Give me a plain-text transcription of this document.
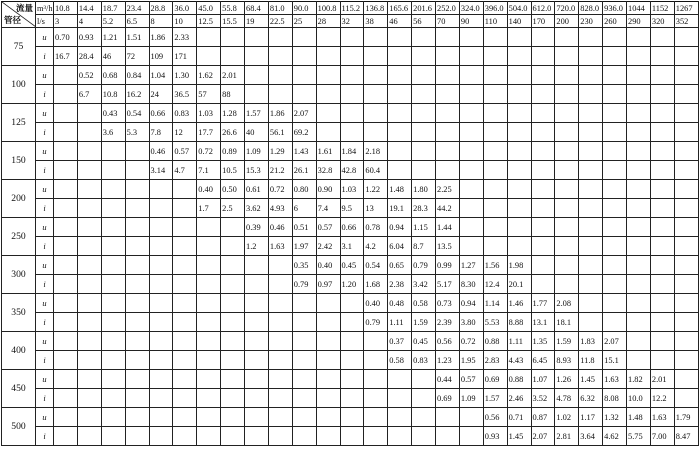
流量
管径	m³/h	10.8	14.4	18.7	23.4	28.8	36.0	45.0	55.8	68.4	81.0	90.0	100.8	115.2	136.8	165.6	201.6	252.0	324.0	396.0	504.0	612.0	720.0	828.0	936.0	1044	1152	1267
	l/s	3	4	5.2	6.5	8	10	12.5	15.5	19	22.5	25	28	32	38	46	56	70	90	110	140	170	200	230	260	290	320	352
75	u	0.70	0.93	1.21	1.51	1.86	2.33																					
	i	16.7	28.4	46	72	109	171																					
100	u		0.52	0.68	0.84	1.04	1.30	1.62	2.01																			
	i		6.7	10.8	16.2	24	36.5	57	88																			
125	u			0.43	0.54	0.66	0.83	1.03	1.28	1.57	1.86	2.07																
	i			3.6	5.3	7.8	12	17.7	26.6	40	56.1	69.2																
150	u					0.46	0.57	0.72	0.89	1.09	1.29	1.43	1.61	1.84	2.18													
	i					3.14	4.7	7.1	10.5	15.3	21.2	26.1	32.8	42.8	60.4													
200	u							0.40	0.50	0.61	0.72	0.80	0.90	1.03	1.22	1.48	1.80	2.25										
	i							1.7	2.5	3.62	4.93	6	7.4	9.5	13	19.1	28.3	44.2										
250	u									0.39	0.46	0.51	0.57	0.66	0.78	0.94	1.15	1.44										
	i									1.2	1.63	1.97	2.42	3.1	4.2	6.04	8.7	13.5										
300	u											0.35	0.40	0.45	0.54	0.65	0.79	0.99	1.27	1.56	1.98							
	i											0.79	0.97	1.20	1.68	2.38	3.42	5.17	8.30	12.4	20.1							
350	u														0.40	0.48	0.58	0.73	0.94	1.14	1.46	1.77	2.08					
	i														0.79	1.11	1.59	2.39	3.80	5.53	8.88	13.1	18.1					
400	u															0.37	0.45	0.56	0.72	0.88	1.11	1.35	1.59	1.83	2.07			
	i															0.58	0.83	1.23	1.95	2.83	4.43	6.45	8.93	11.8	15.1			
450	u																	0.44	0.57	0.69	0.88	1.07	1.26	1.45	1.63	1.82	2.01	
	i																	0.69	1.09	1.57	2.46	3.52	4.78	6.32	8.08	10.0	12.2	
500	u																			0.56	0.71	0.87	1.02	1.17	1.32	1.48	1.63	1.79
	i																			0.93	1.45	2.07	2.81	3.64	4.62	5.75	7.00	8.47
